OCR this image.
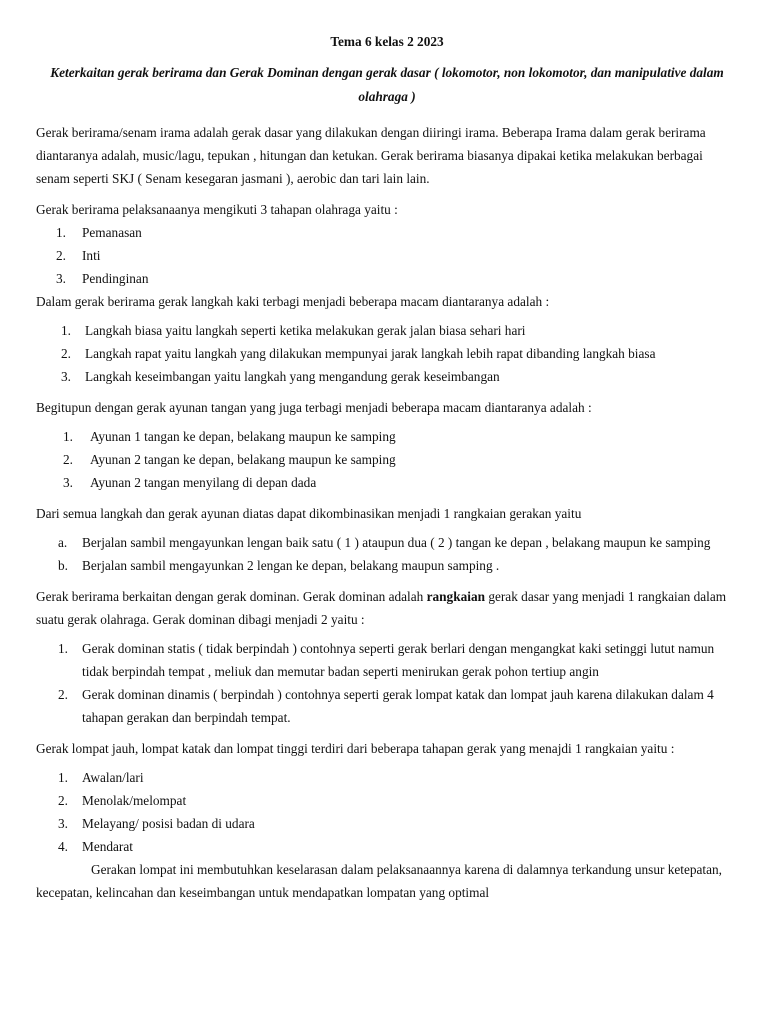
Tema 6 kelas 2 2023

Keterkaitan gerak berirama dan Gerak Dominan dengan gerak dasar ( lokomotor, non lokomotor, dan manipulative dalam olahraga )

Gerak berirama/senam irama adalah gerak dasar yang dilakukan dengan diiringi irama. Beberapa Irama dalam gerak berirama diantaranya adalah, music/lagu, tepukan , hitungan dan ketukan. Gerak berirama biasanya dipakai ketika melakukan berbagai senam seperti SKJ ( Senam kesegaran jasmani ), aerobic dan tari lain lain.

Gerak berirama pelaksanaanya mengikuti 3 tahapan olahraga yaitu :

1. Pemanasan
2. Inti
3. Pendinginan

Dalam gerak berirama gerak langkah kaki terbagi menjadi beberapa macam diantaranya adalah :

1. Langkah biasa yaitu langkah seperti ketika melakukan gerak jalan biasa sehari hari
2. Langkah rapat yaitu langkah yang dilakukan mempunyai jarak langkah lebih rapat dibanding langkah biasa
3. Langkah keseimbangan yaitu langkah yang mengandung gerak keseimbangan

Begitupun dengan gerak ayunan tangan yang juga terbagi menjadi beberapa macam diantaranya adalah :

1. Ayunan 1 tangan ke depan, belakang maupun ke samping
2. Ayunan 2 tangan ke depan, belakang maupun ke samping
3. Ayunan 2 tangan menyilang di depan dada

Dari semua langkah dan gerak ayunan diatas dapat dikombinasikan menjadi 1 rangkaian gerakan yaitu

a. Berjalan sambil mengayunkan lengan baik satu ( 1 ) ataupun dua ( 2 ) tangan ke depan , belakang maupun ke samping
b. Berjalan sambil mengayunkan 2 lengan ke depan, belakang maupun samping .

Gerak berirama berkaitan dengan gerak dominan. Gerak dominan adalah rangkaian gerak dasar yang menjadi 1 rangkaian dalam suatu gerak olahraga. Gerak dominan dibagi menjadi 2 yaitu :

1. Gerak dominan statis ( tidak berpindah ) contohnya seperti gerak berlari dengan mengangkat kaki setinggi lutut namun tidak berpindah tempat , meliuk dan memutar badan seperti menirukan gerak pohon tertiup angin
2. Gerak dominan dinamis ( berpindah ) contohnya seperti gerak lompat katak dan lompat jauh karena dilakukan dalam 4 tahapan gerakan dan berpindah tempat.

Gerak lompat jauh, lompat katak dan lompat tinggi terdiri dari beberapa tahapan gerak yang menajdi 1 rangkaian yaitu :

1. Awalan/lari
2. Menolak/melompat
3. Melayang/ posisi badan di udara
4. Mendarat

Gerakan lompat ini membutuhkan keselarasan dalam pelaksanaannya karena di dalamnya terkandung unsur ketepatan, kecepatan, kelincahan dan keseimbangan untuk mendapatkan lompatan yang optimal
